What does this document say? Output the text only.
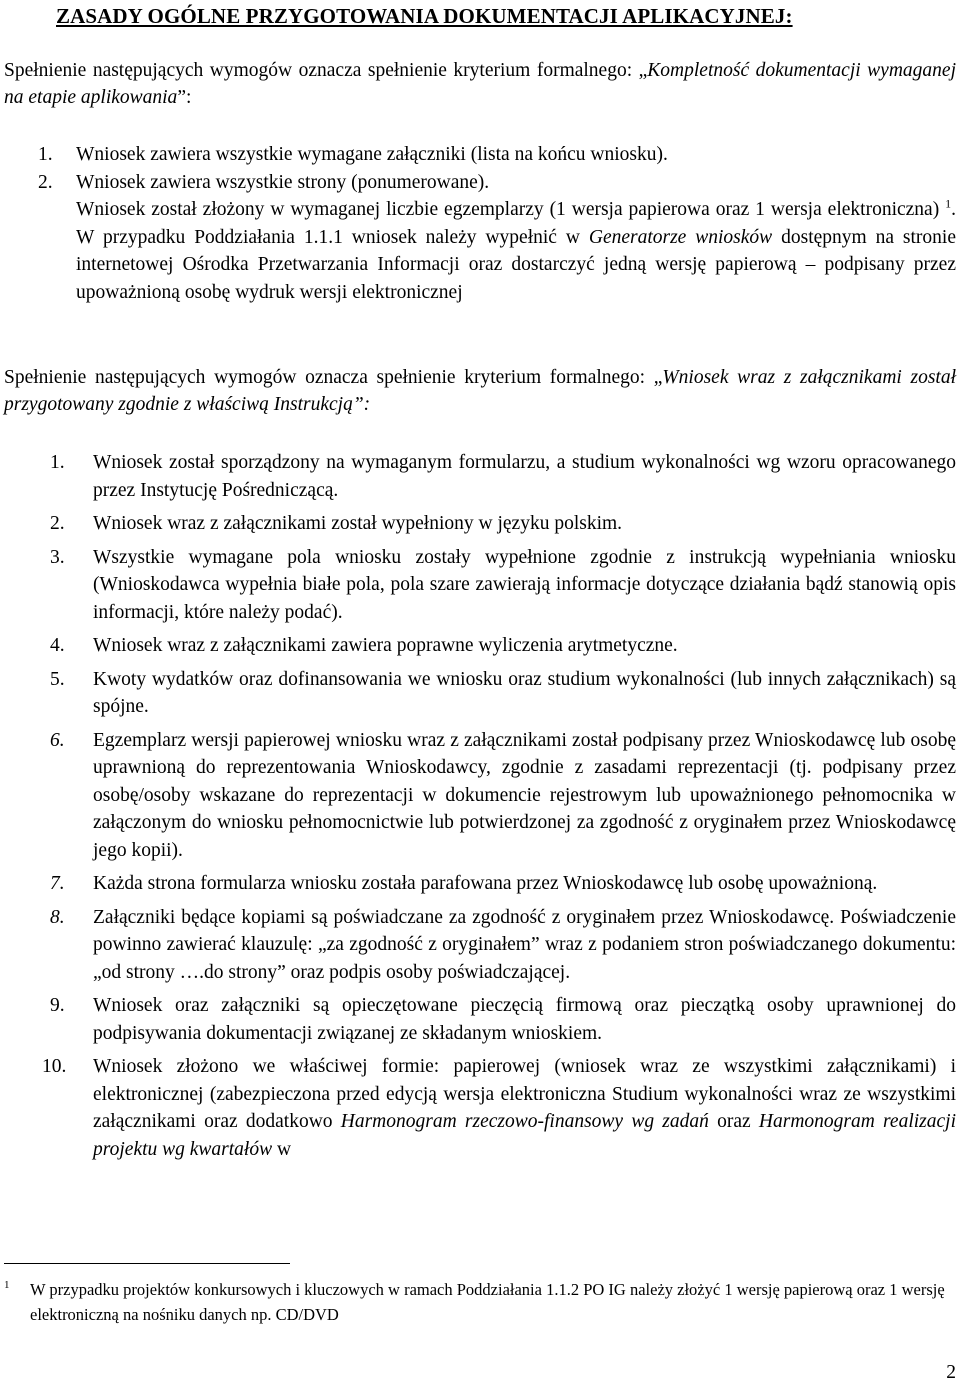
ZASADY OGÓLNE PRZYGOTOWANIA DOKUMENTACJI APLIKACYJNEJ:
Spełnienie następujących wymogów oznacza spełnienie kryterium formalnego: „Kompletność dokumentacji wymaganej na etapie aplikowania”:
1. Wniosek zawiera wszystkie wymagane załączniki (lista na końcu wniosku).
2. Wniosek zawiera wszystkie strony (ponumerowane).
Wniosek został złożony w wymaganej liczbie egzemplarzy (1 wersja papierowa oraz 1 wersja elektroniczna) $^1$. W przypadku Poddziałania 1.1.1 wniosek należy wypełnić w Generatorze wniosków dostępnym na stronie internetowej Ośrodka Przetwarzania Informacji oraz dostarczyć jedną wersję papierową – podpisany przez upoważnioną osobę wydruk wersji elektronicznej
Spełnienie następujących wymogów oznacza spełnienie kryterium formalnego: „Wniosek wraz z załącznikami został przygotowany zgodnie z właściwą Instrukcją”:
1. Wniosek został sporządzony na wymaganym formularzu, a studium wykonalności wg wzoru opracowanego przez Instytucję Pośredniczącą.
2. Wniosek wraz z załącznikami został wypełniony w języku polskim.
3. Wszystkie wymagane pola wniosku zostały wypełnione zgodnie z instrukcją wypełniania wniosku (Wnioskodawca wypełnia białe pola, pola szare zawierają informacje dotyczące działania bądź stanowią opis informacji, które należy podać).
4. Wniosek wraz z załącznikami zawiera poprawne wyliczenia arytmetyczne.
5. Kwoty wydatków oraz dofinansowania we wniosku oraz studium wykonalności (lub innych załącznikach) są spójne.
6. Egzemplarz wersji papierowej wniosku wraz z załącznikami został podpisany przez Wnioskodawcę lub osobę uprawnioną do reprezentowania Wnioskodawcy, zgodnie z zasadami reprezentacji (tj. podpisany przez osobę/osoby wskazane do reprezentacji w dokumencie rejestrowym lub upoważnionego pełnomocnika w załączonym do wniosku pełnomocnictwie lub potwierdzonej za zgodność z oryginałem przez Wnioskodawcę jego kopii).
7. Każda strona formularza wniosku została parafowana przez Wnioskodawcę lub osobę upoważnioną.
8. Załączniki będące kopiami są poświadczane za zgodność z oryginałem przez Wnioskodawcę. Poświadczenie powinno zawierać klauzulę: „za zgodność z oryginałem” wraz z podaniem stron poświadczanego dokumentu: „od strony ….do strony” oraz podpis osoby poświadczającej.
9. Wniosek oraz załączniki są opieczętowane pieczęcią firmową oraz pieczątką osoby uprawnionej do podpisywania dokumentacji związanej ze składanym wnioskiem.
10. Wniosek złożono we właściwej formie: papierowej (wniosek wraz ze wszystkimi załącznikami) i elektronicznej (zabezpieczona przed edycją wersja elektroniczna Studium wykonalności wraz ze wszystkimi załącznikami oraz dodatkowo Harmonogram rzeczowo-finansowy wg zadań oraz Harmonogram realizacji projektu wg kwartałów w
1	W przypadku projektów konkursowych i kluczowych w ramach Poddziałania 1.1.2 PO IG należy złożyć 1 wersję papierową oraz 1 wersję elektroniczną na nośniku danych np. CD/DVD
2
